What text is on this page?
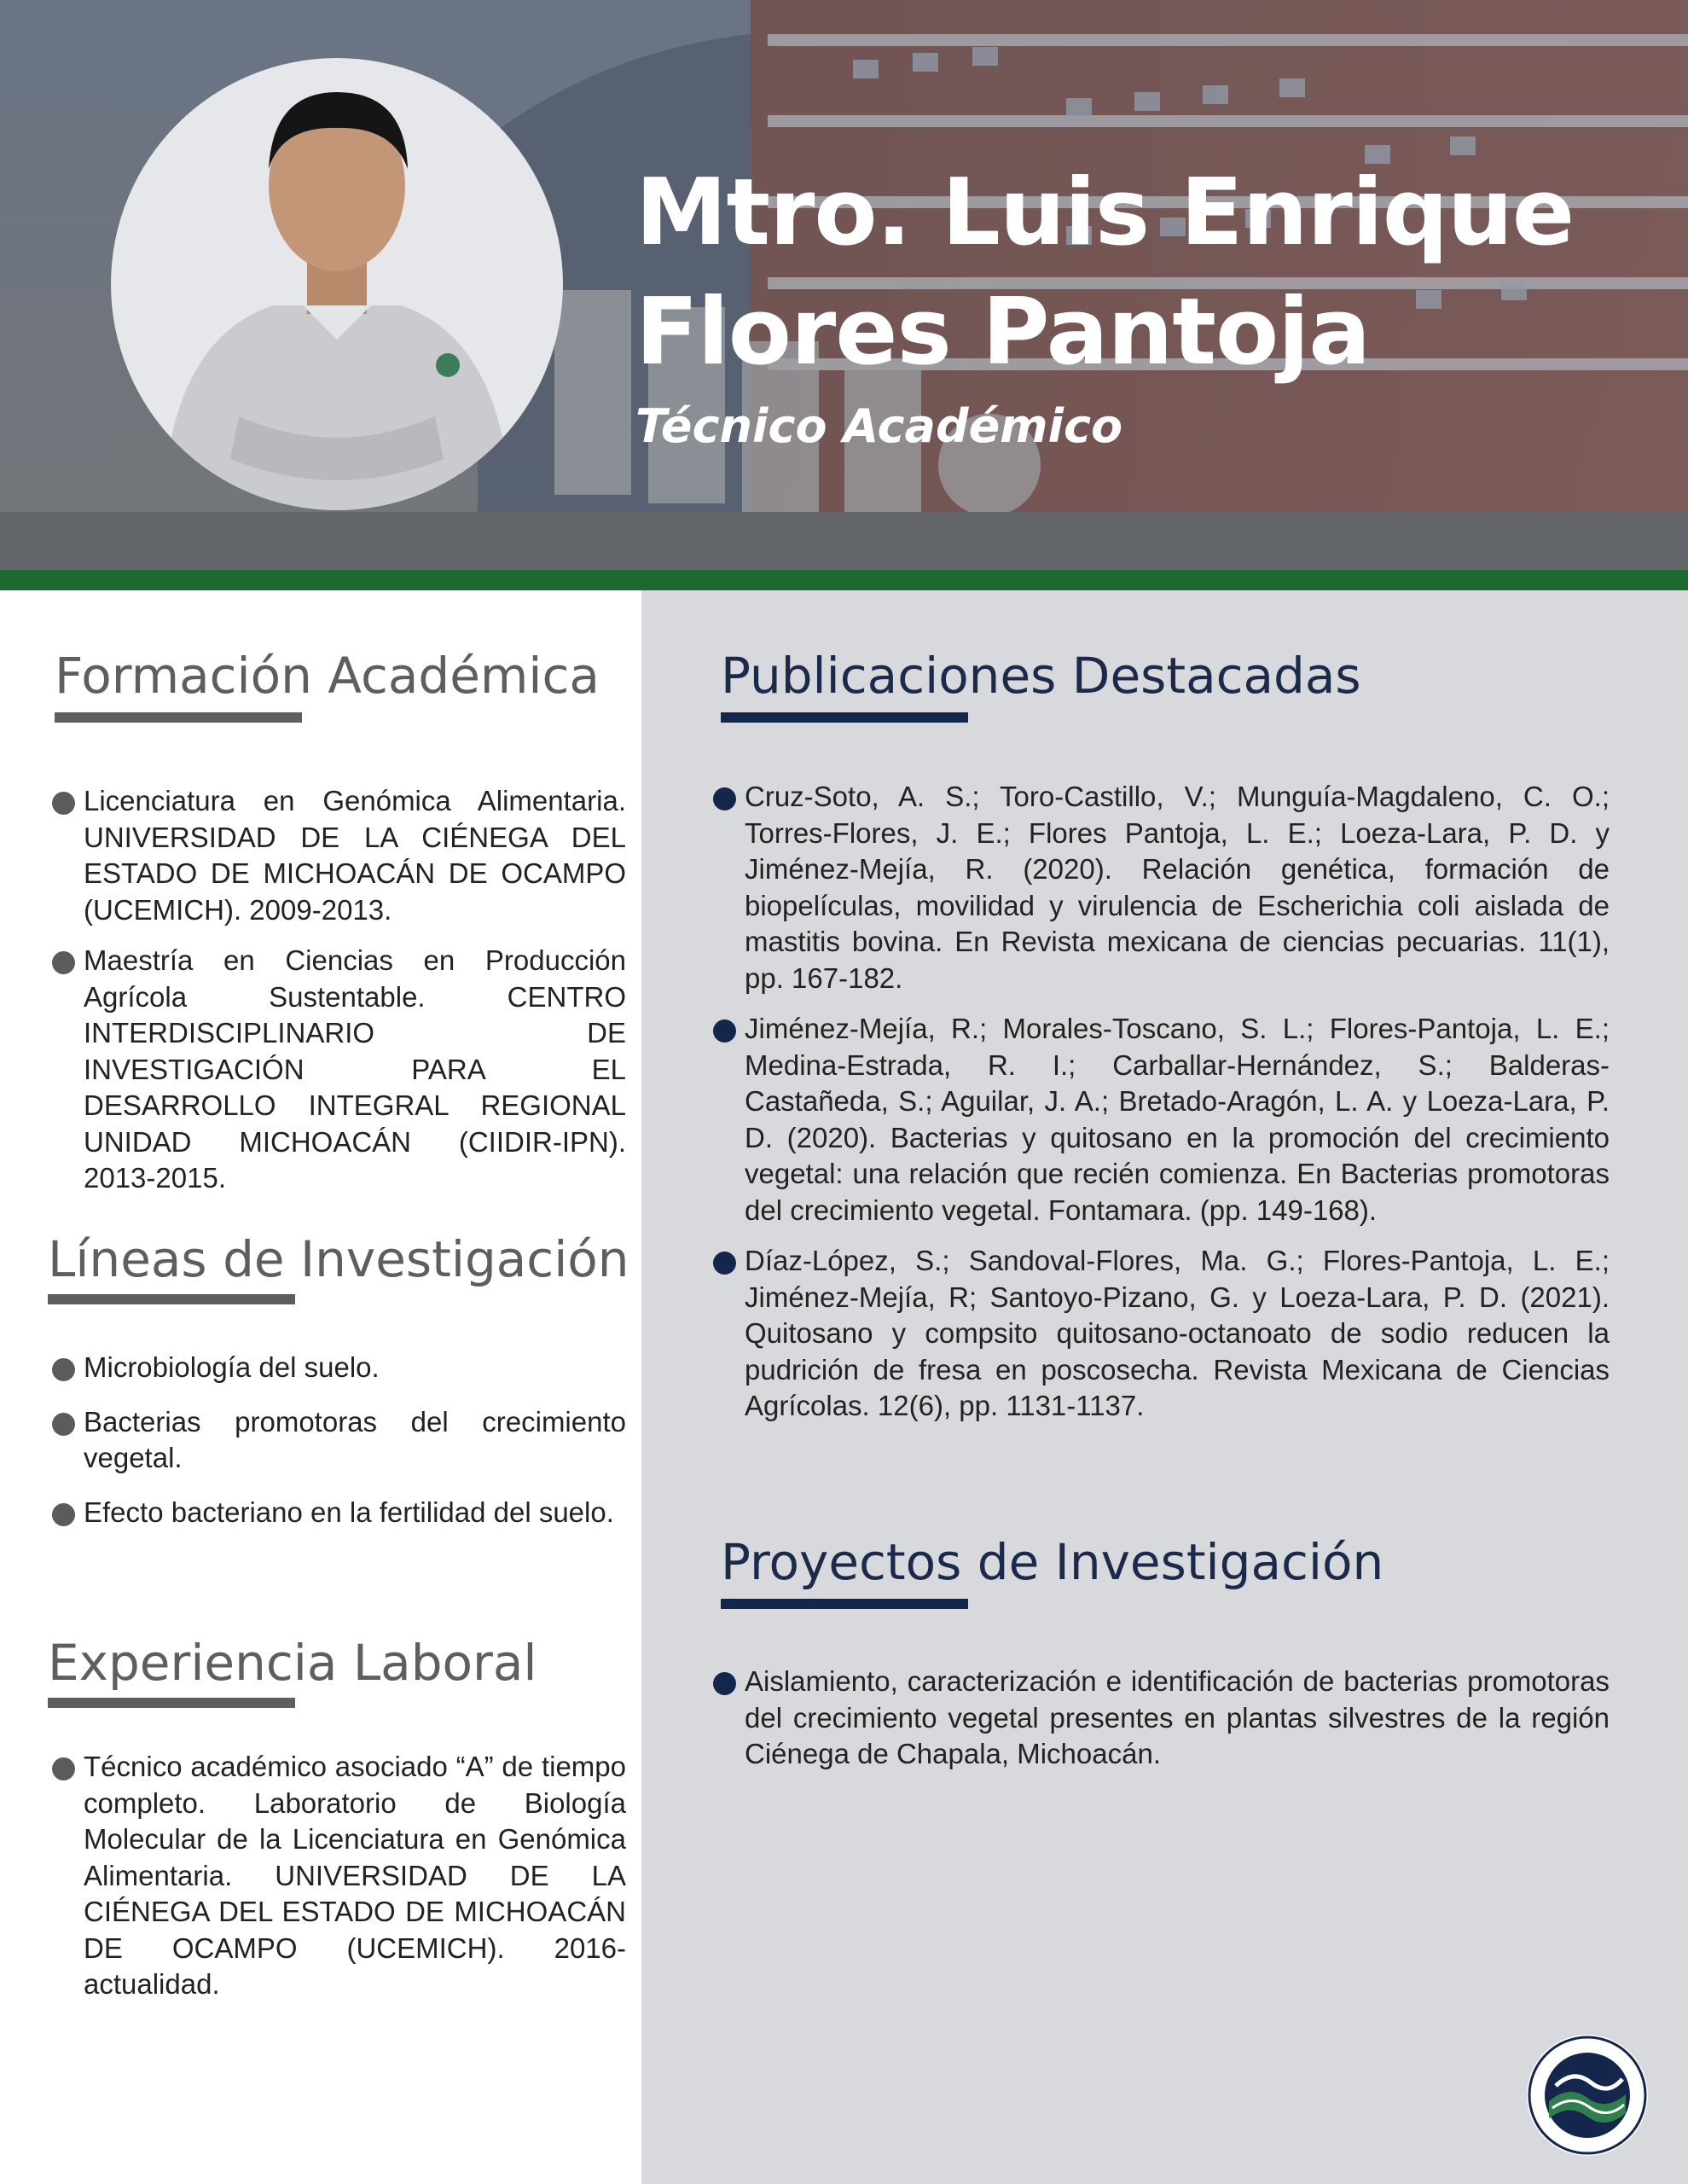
Mtro. Luis Enrique
Flores Pantoja
Técnico Académico
Formación Académica
Licenciatura en Genómica Alimentaria. UNIVERSIDAD DE LA CIÉNEGA DEL ESTADO DE MICHOACÁN DE OCAMPO (UCEMICH). 2009-2013.
Maestría en Ciencias en Producción Agrícola Sustentable. CENTRO INTERDISCIPLINARIO DE INVESTIGACIÓN PARA EL DESARROLLO INTEGRAL REGIONAL UNIDAD MICHOACÁN (CIIDIR-IPN). 2013-2015.
Líneas de Investigación
Microbiología del suelo.
Bacterias promotoras del crecimiento vegetal.
Efecto bacteriano en la fertilidad del suelo.
Experiencia Laboral
Técnico académico asociado “A” de tiempo completo. Laboratorio de Biología Molecular de la Licenciatura en Genómica Alimentaria. UNIVERSIDAD DE LA CIÉNEGA DEL ESTADO DE MICHOACÁN DE OCAMPO (UCEMICH). 2016-actualidad.
Publicaciones Destacadas
Cruz-Soto, A. S.; Toro-Castillo, V.; Munguía-Magdaleno, C. O.; Torres-Flores, J. E.; Flores Pantoja, L. E.; Loeza-Lara, P. D. y Jiménez-Mejía, R. (2020). Relación genética, formación de biopelículas, movilidad y virulencia de Escherichia coli aislada de mastitis bovina. En Revista mexicana de ciencias pecuarias. 11(1), pp. 167-182.
Jiménez-Mejía, R.; Morales-Toscano, S. L.; Flores-Pantoja, L. E.; Medina-Estrada, R. I.; Carballar-Hernández, S.; Balderas-Castañeda, S.; Aguilar, J. A.; Bretado-Aragón, L. A. y Loeza-Lara, P. D. (2020). Bacterias y quitosano en la promoción del crecimiento vegetal: una relación que recién comienza. En Bacterias promotoras del crecimiento vegetal. Fontamara. (pp. 149-168).
Díaz-López, S.; Sandoval-Flores, Ma. G.; Flores-Pantoja, L. E.; Jiménez-Mejía, R; Santoyo-Pizano, G. y Loeza-Lara, P. D. (2021). Quitosano y compsito quitosano-octanoato de sodio reducen la pudrición de fresa en poscosecha. Revista Mexicana de Ciencias Agrícolas. 12(6), pp. 1131-1137.
Proyectos de Investigación
Aislamiento, caracterización e identificación de bacterias promotoras del crecimiento vegetal presentes en plantas silvestres de la región Ciénega de Chapala, Michoacán.
